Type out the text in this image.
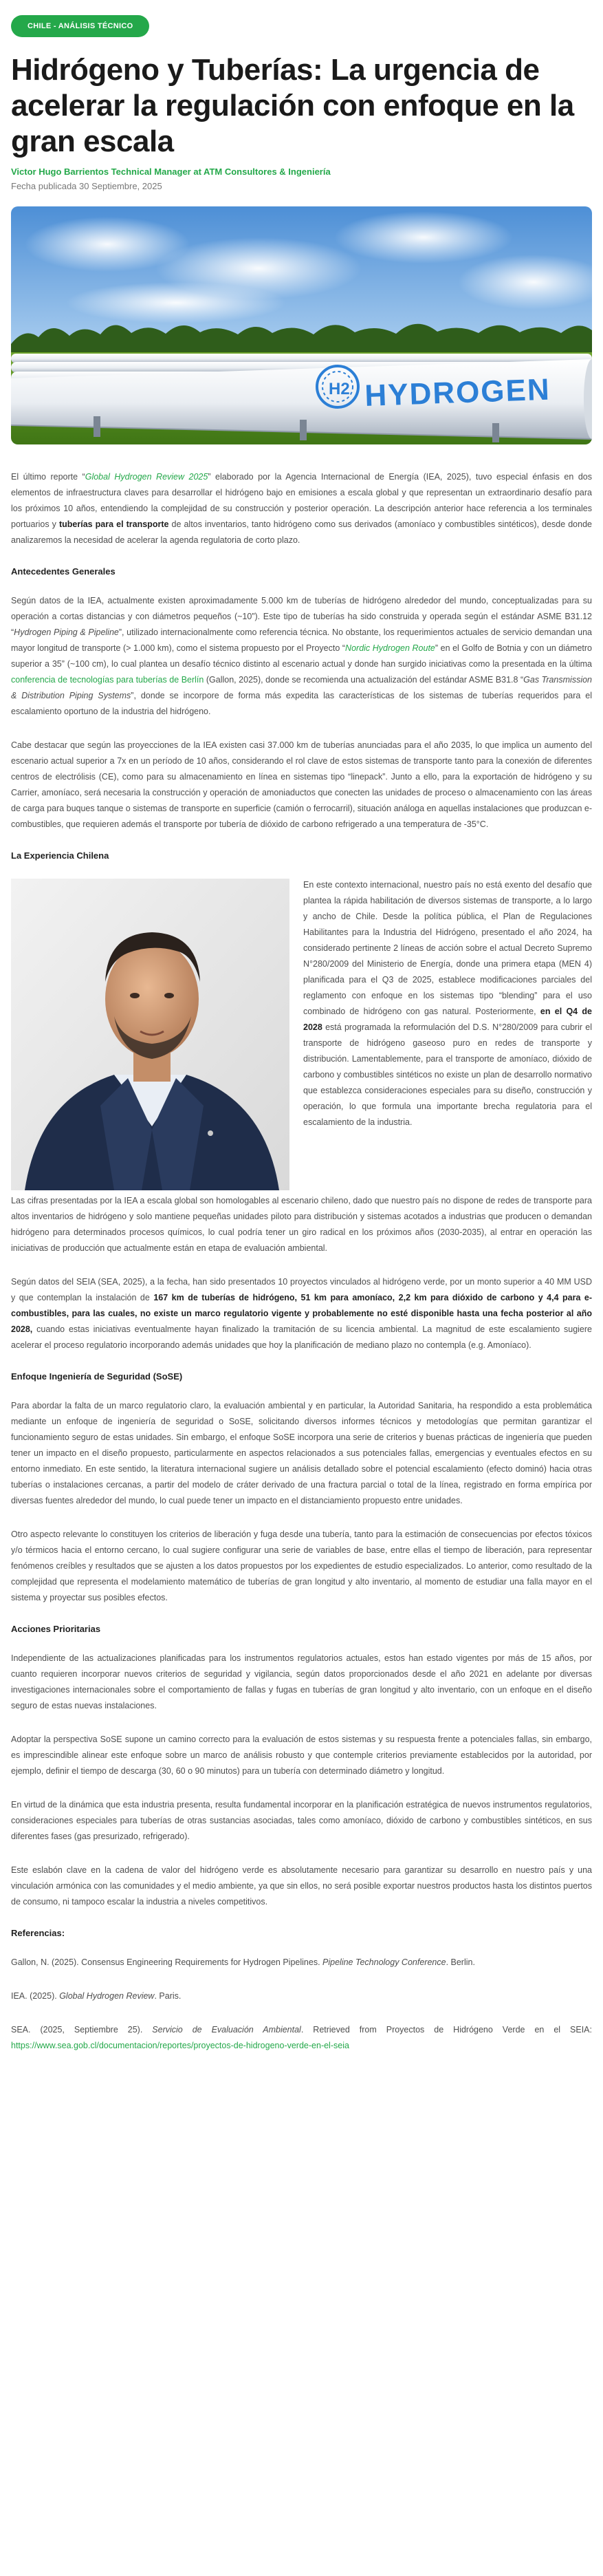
CHILE - ANÁLISIS TÉCNICO
Hidrógeno y Tuberías: La urgencia de acelerar la regulación con enfoque en la gran escala
Victor Hugo Barrientos Technical Manager at ATM Consultores & Ingeniería
Fecha publicada 30 Septiembre, 2025
H2 HYDROGEN

El último reporte “Global Hydrogen Review 2025” elaborado por la Agencia Internacional de Energía (IEA, 2025), tuvo especial énfasis en dos elementos de infraestructura claves para desarrollar el hidrógeno bajo en emisiones a escala global y que representan un extraordinario desafío para los próximos 10 años, entendiendo la complejidad de su construcción y posterior operación. La descripción anterior hace referencia a los terminales portuarios y tuberías para el transporte de altos inventarios, tanto hidrógeno como sus derivados (amoníaco y combustibles sintéticos), desde donde analizaremos la necesidad de acelerar la agenda regulatoria de corto plazo.

Antecedentes Generales

Según datos de la IEA, actualmente existen aproximadamente 5.000 km de tuberías de hidrógeno alrededor del mundo, conceptualizadas para su operación a cortas distancias y con diámetros pequeños (~10”). Este tipo de tuberías ha sido construida y operada según el estándar ASME B31.12 “Hydrogen Piping & Pipeline”, utilizado internacionalmente como referencia técnica. No obstante, los requerimientos actuales de servicio demandan una mayor longitud de transporte (> 1.000 km), como el sistema propuesto por el Proyecto “Nordic Hydrogen Route” en el Golfo de Botnia y con un diámetro superior a 35” (~100 cm), lo cual plantea un desafío técnico distinto al escenario actual y donde han surgido iniciativas como la presentada en la última conferencia de tecnologías para tuberías de Berlín (Gallon, 2025), donde se recomienda una actualización del estándar ASME B31.8 “Gas Transmission & Distribution Piping Systems”, donde se incorpore de forma más expedita las características de los sistemas de tuberías requeridos para el escalamiento oportuno de la industria del hidrógeno.

Cabe destacar que según las proyecciones de la IEA existen casi 37.000 km de tuberías anunciadas para el año 2035, lo que implica un aumento del escenario actual superior a 7x en un período de 10 años, considerando el rol clave de estos sistemas de transporte tanto para la conexión de diferentes centros de electrólisis (CE), como para su almacenamiento en línea en sistemas tipo “linepack”. Junto a ello, para la exportación de hidrógeno y su Carrier, amoníaco, será necesaria la construcción y operación de amoniaductos que conecten las unidades de proceso o almacenamiento con las áreas de carga para buques tanque o sistemas de transporte en superficie (camión o ferrocarril), situación análoga en aquellas instalaciones que produzcan e-combustibles, que requieren además el transporte por tubería de dióxido de carbono refrigerado a una temperatura de -35°C.

La Experiencia Chilena

En este contexto internacional, nuestro país no está exento del desafío que plantea la rápida habilitación de diversos sistemas de transporte, a lo largo y ancho de Chile. Desde la política pública, el Plan de Regulaciones Habilitantes para la Industria del Hidrógeno, presentado el año 2024, ha considerado pertinente 2 líneas de acción sobre el actual Decreto Supremo N°280/2009 del Ministerio de Energía, donde una primera etapa (MEN 4) planificada para el Q3 de 2025, establece modificaciones parciales del reglamento con enfoque en los sistemas tipo “blending” para el uso combinado de hidrógeno con gas natural. Posteriormente, en el Q4 de 2028 está programada la reformulación del D.S. N°280/2009 para cubrir el transporte de hidrógeno gaseoso puro en redes de transporte y distribución. Lamentablemente, para el transporte de amoníaco, dióxido de carbono y combustibles sintéticos no existe un plan de desarrollo normativo que establezca consideraciones especiales para su diseño, construcción y operación, lo que formula una importante brecha regulatoria para el escalamiento de la industria.

Las cifras presentadas por la IEA a escala global son homologables al escenario chileno, dado que nuestro país no dispone de redes de transporte para altos inventarios de hidrógeno y solo mantiene pequeñas unidades piloto para distribución y sistemas acotados a industrias que producen o demandan hidrógeno para determinados procesos químicos, lo cual podría tener un giro radical en los próximos años (2030-2035), al entrar en operación las iniciativas de producción que actualmente están en etapa de evaluación ambiental.

Según datos del SEIA (SEA, 2025), a la fecha, han sido presentados 10 proyectos vinculados al hidrógeno verde, por un monto superior a 40 MM USD y que contemplan la instalación de 167 km de tuberías de hidrógeno, 51 km para amoníaco, 2,2 km para dióxido de carbono y 4,4 para e-combustibles, para las cuales, no existe un marco regulatorio vigente y probablemente no esté disponible hasta una fecha posterior al año 2028, cuando estas iniciativas eventualmente hayan finalizado la tramitación de su licencia ambiental. La magnitud de este escalamiento sugiere acelerar el proceso regulatorio incorporando además unidades que hoy la planificación de mediano plazo no contempla (e.g. Amoníaco).

Enfoque Ingeniería de Seguridad (SoSE)

Para abordar la falta de un marco regulatorio claro, la evaluación ambiental y en particular, la Autoridad Sanitaria, ha respondido a esta problemática mediante un enfoque de ingeniería de seguridad o SoSE, solicitando diversos informes técnicos y metodologías que permitan garantizar el funcionamiento seguro de estas unidades. Sin embargo, el enfoque SoSE incorpora una serie de criterios y buenas prácticas de ingeniería que pueden tener un impacto en el diseño propuesto, particularmente en aspectos relacionados a sus potenciales fallas, emergencias y eventuales efectos en su entorno inmediato. En este sentido, la literatura internacional sugiere un análisis detallado sobre el potencial escalamiento (efecto dominó) hacia otras tuberías o instalaciones cercanas, a partir del modelo de cráter derivado de una fractura parcial o total de la línea, registrado en forma empírica por diversas fuentes alrededor del mundo, lo cual puede tener un impacto en el distanciamiento propuesto entre unidades.

Otro aspecto relevante lo constituyen los criterios de liberación y fuga desde una tubería, tanto para la estimación de consecuencias por efectos tóxicos y/o térmicos hacia el entorno cercano, lo cual sugiere configurar una serie de variables de base, entre ellas el tiempo de liberación, para representar fenómenos creíbles y resultados que se ajusten a los datos propuestos por los expedientes de estudio especializados. Lo anterior, como resultado de la complejidad que representa el modelamiento matemático de tuberías de gran longitud y alto inventario, al momento de estudiar una falla mayor en el sistema y proyectar sus posibles efectos.

Acciones Prioritarias

Independiente de las actualizaciones planificadas para los instrumentos regulatorios actuales, estos han estado vigentes por más de 15 años, por cuanto requieren incorporar nuevos criterios de seguridad y vigilancia, según datos proporcionados desde el año 2021 en adelante por diversas investigaciones internacionales sobre el comportamiento de fallas y fugas en tuberías de gran longitud y alto inventario, con un enfoque en el diseño seguro de estas nuevas instalaciones.

Adoptar la perspectiva SoSE supone un camino correcto para la evaluación de estos sistemas y su respuesta frente a potenciales fallas, sin embargo, es imprescindible alinear este enfoque sobre un marco de análisis robusto y que contemple criterios previamente establecidos por la autoridad, por ejemplo, definir el tiempo de descarga (30, 60 o 90 minutos) para un tubería con determinado diámetro y longitud.

En virtud de la dinámica que esta industria presenta, resulta fundamental incorporar en la planificación estratégica de nuevos instrumentos regulatorios, consideraciones especiales para tuberías de otras sustancias asociadas, tales como amoníaco, dióxido de carbono y combustibles sintéticos, en sus diferentes fases (gas presurizado, refrigerado).

Este eslabón clave en la cadena de valor del hidrógeno verde es absolutamente necesario para garantizar su desarrollo en nuestro país y una vinculación armónica con las comunidades y el medio ambiente, ya que sin ellos, no será posible exportar nuestros productos hasta los distintos puertos de consumo, ni tampoco escalar la industria a niveles competitivos.

Referencias:

Gallon, N. (2025). Consensus Engineering Requirements for Hydrogen Pipelines. Pipeline Technology Conference. Berlin.

IEA. (2025). Global Hydrogen Review. Paris.

SEA. (2025, Septiembre 25). Servicio de Evaluación Ambiental. Retrieved from Proyectos de Hidrógeno Verde en el SEIA: https://www.sea.gob.cl/documentacion/reportes/proyectos-de-hidrogeno-verde-en-el-seia
